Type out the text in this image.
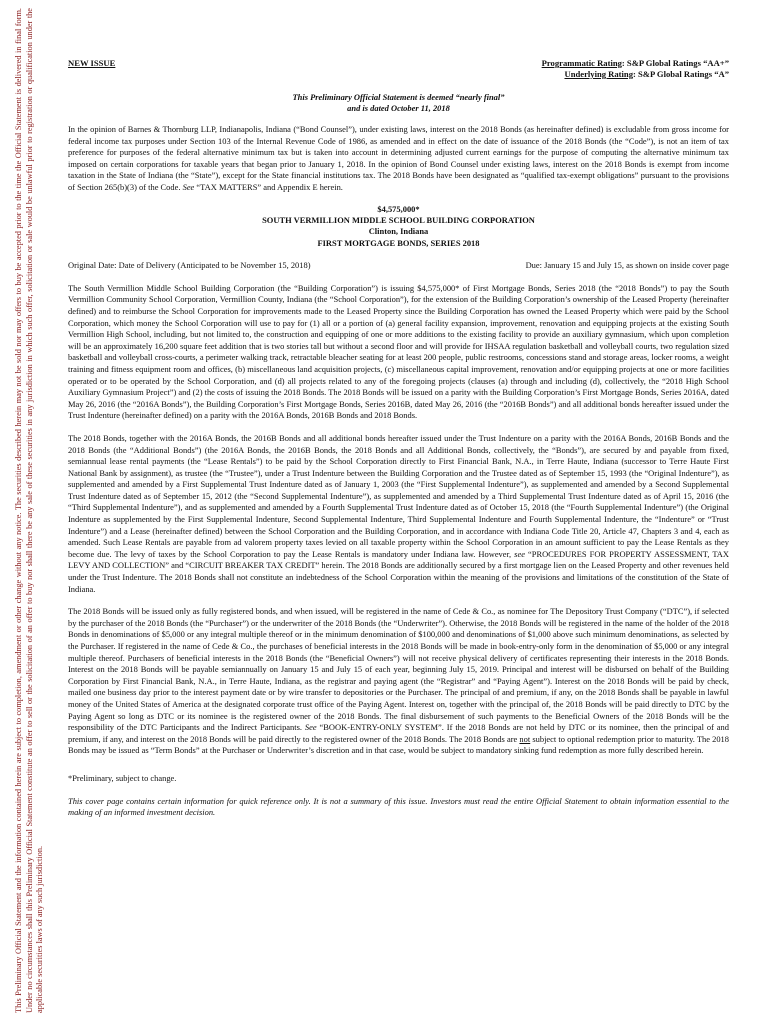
This Preliminary Official Statement and the information contained herein are subject to completion, amendment or other change without any notice. The securities described herein may not be sold nor may offers to buy be accepted prior to the time the Official Statement is delivered in final form. Under no circumstances shall this Preliminary Official Statement constitute an offer to sell or the solicitation of an offer to buy nor shall there be any sale of these securities in any jurisdiction in which such offer, solicitation or sale would be unlawful prior to registration or qualification under the applicable securities laws of any such jurisdiction.
NEW ISSUE	Programmatic Rating: S&P Global Ratings “AA+”
Underlying Rating: S&P Global Ratings “A”
This Preliminary Official Statement is deemed “nearly final”
and is dated October 11, 2018

In the opinion of Barnes & Thornburg LLP, Indianapolis, Indiana (“Bond Counsel”), under existing laws, interest on the 2018 Bonds (as hereinafter defined) is excludable from gross income for federal income tax purposes under Section 103 of the Internal Revenue Code of 1986, as amended and in effect on the date of issuance of the 2018 Bonds (the “Code”), is not an item of tax preference for purposes of the federal alternative minimum tax but is taken into account in determining adjusted current earnings for the purpose of computing the alternative minimum tax imposed on certain corporations for taxable years that began prior to January 1, 2018. In the opinion of Bond Counsel under existing laws, interest on the 2018 Bonds is exempt from income taxation in the State of Indiana (the “State”), except for the State financial institutions tax. The 2018 Bonds have been designated as “qualified tax-exempt obligations” pursuant to the provisions of Section 265(b)(3) of the Code. See “TAX MATTERS” and Appendix E herein.

$4,575,000*
SOUTH VERMILLION MIDDLE SCHOOL BUILDING CORPORATION
Clinton, Indiana
FIRST MORTGAGE BONDS, SERIES 2018
Original Date: Date of Delivery (Anticipated to be November 15, 2018)	Due: January 15 and July 15, as shown on inside cover page

The South Vermillion Middle School Building Corporation (the “Building Corporation”) is issuing $4,575,000* of First Mortgage Bonds, Series 2018 (the “2018 Bonds”) to pay the South Vermillion Community School Corporation, Vermillion County, Indiana (the “School Corporation”), for the extension of the Building Corporation’s ownership of the Leased Property (hereinafter defined) and to reimburse the School Corporation for improvements made to the Leased Property since the Building Corporation has owned the Leased Property which were paid by the School Corporation, which money the School Corporation will use to pay for (1) all or a portion of (a) general facility expansion, improvement, renovation and equipping projects at the existing South Vermillion High School, including, but not limited to, the construction and equipping of one or more additions to the existing facility to provide an auxiliary gymnasium, which upon completion will be an approximately 16,200 square feet addition that is two stories tall but without a second floor and will provide for IHSAA regulation basketball and volleyball courts, two regulation sized basketball and volleyball cross-courts, a perimeter walking track, retractable bleacher seating for at least 200 people, public restrooms, concessions stand and storage areas, locker rooms, a weight training and fitness equipment room and offices, (b) miscellaneous land acquisition projects, (c) miscellaneous capital improvement, renovation and/or equipping projects at one or more facilities operated or to be operated by the School Corporation, and (d) all projects related to any of the foregoing projects (clauses (a) through and including (d), collectively, the “2018 High School Auxiliary Gymnasium Project”) and (2) the costs of issuing the 2018 Bonds. The 2018 Bonds will be issued on a parity with the Building Corporation’s First Mortgage Bonds, Series 2016A, dated May 26, 2016 (the “2016A Bonds”), the Building Corporation’s First Mortgage Bonds, Series 2016B, dated May 26, 2016 (the “2016B Bonds”) and all additional bonds hereafter issued under the Trust Indenture (hereinafter defined) on a parity with the 2016A Bonds, 2016B Bonds and 2018 Bonds.

The 2018 Bonds, together with the 2016A Bonds, the 2016B Bonds and all additional bonds hereafter issued under the Trust Indenture on a parity with the 2016A Bonds, 2016B Bonds and the 2018 Bonds (the “Additional Bonds”) (the 2016A Bonds, the 2016B Bonds, the 2018 Bonds and all Additional Bonds, collectively, the “Bonds”), are secured by and payable from fixed, semiannual lease rental payments (the “Lease Rentals”) to be paid by the School Corporation directly to First Financial Bank, N.A., in Terre Haute, Indiana (successor to Terre Haute First National Bank by assignment), as trustee (the “Trustee”), under a Trust Indenture between the Building Corporation and the Trustee dated as of September 15, 1993 (the “Original Indenture”), as supplemented and amended by a First Supplemental Trust Indenture dated as of January 1, 2003 (the “First Supplemental Indenture”), as supplemented and amended by a Second Supplemental Trust Indenture dated as of September 15, 2012 (the “Second Supplemental Indenture”), as supplemented and amended by a Third Supplemental Trust Indenture dated as of April 15, 2016 (the “Third Supplemental Indenture”), and as supplemented and amended by a Fourth Supplemental Trust Indenture dated as of October 15, 2018 (the “Fourth Supplemental Indenture”) (the Original Indenture as supplemented by the First Supplemental Indenture, Second Supplemental Indenture, Third Supplemental Indenture and Fourth Supplemental Indenture, the “Indenture” or “Trust Indenture”) and a Lease (hereinafter defined) between the School Corporation and the Building Corporation, and in accordance with Indiana Code Title 20, Article 47, Chapters 3 and 4, each as amended. Such Lease Rentals are payable from ad valorem property taxes levied on all taxable property within the School Corporation in an amount sufficient to pay the Lease Rentals as they become due. The levy of taxes by the School Corporation to pay the Lease Rentals is mandatory under Indiana law. However, see “PROCEDURES FOR PROPERTY ASSESSMENT, TAX LEVY AND COLLECTION” and “CIRCUIT BREAKER TAX CREDIT” herein. The 2018 Bonds are additionally secured by a first mortgage lien on the Leased Property and other revenues held under the Trust Indenture. The 2018 Bonds shall not constitute an indebtedness of the School Corporation within the meaning of the provisions and limitations of the constitution of the State of Indiana.

The 2018 Bonds will be issued only as fully registered bonds, and when issued, will be registered in the name of Cede & Co., as nominee for The Depository Trust Company (“DTC”), if selected by the purchaser of the 2018 Bonds (the “Purchaser”) or the underwriter of the 2018 Bonds (the “Underwriter”). Otherwise, the 2018 Bonds will be registered in the name of the holder of the 2018 Bonds in denominations of $5,000 or any integral multiple thereof or in the minimum denomination of $100,000 and denominations of $1,000 above such minimum denominations, as selected by the Purchaser. If registered in the name of Cede & Co., the purchases of beneficial interests in the 2018 Bonds will be made in book-entry-only form in the denomination of $5,000 or any integral multiple thereof. Purchasers of beneficial interests in the 2018 Bonds (the “Beneficial Owners”) will not receive physical delivery of certificates representing their interests in the 2018 Bonds. Interest on the 2018 Bonds will be payable semiannually on January 15 and July 15 of each year, beginning July 15, 2019. Principal and interest will be disbursed on behalf of the Building Corporation by First Financial Bank, N.A., in Terre Haute, Indiana, as the registrar and paying agent (the “Registrar” and “Paying Agent”). Interest on the 2018 Bonds will be paid by check, mailed one business day prior to the interest payment date or by wire transfer to depositories or the Purchaser. The principal of and premium, if any, on the 2018 Bonds shall be payable in lawful money of the United States of America at the designated corporate trust office of the Paying Agent. Interest on, together with the principal of, the 2018 Bonds will be paid directly to DTC by the Paying Agent so long as DTC or its nominee is the registered owner of the 2018 Bonds. The final disbursement of such payments to the Beneficial Owners of the 2018 Bonds will be the responsibility of the DTC Participants and the Indirect Participants. See “BOOK-ENTRY-ONLY SYSTEM”. If the 2018 Bonds are not held by DTC or its nominee, then the principal of and premium, if any, and interest on the 2018 Bonds will be paid directly to the registered owner of the 2018 Bonds. The 2018 Bonds are not subject to optional redemption prior to maturity. The 2018 Bonds may be issued as “Term Bonds” at the Purchaser or Underwriter’s discretion and in that case, would be subject to mandatory sinking fund redemption as more fully described herein.

*Preliminary, subject to change.

This cover page contains certain information for quick reference only. It is not a summary of this issue. Investors must read the entire Official Statement to obtain information essential to the making of an informed investment decision.
